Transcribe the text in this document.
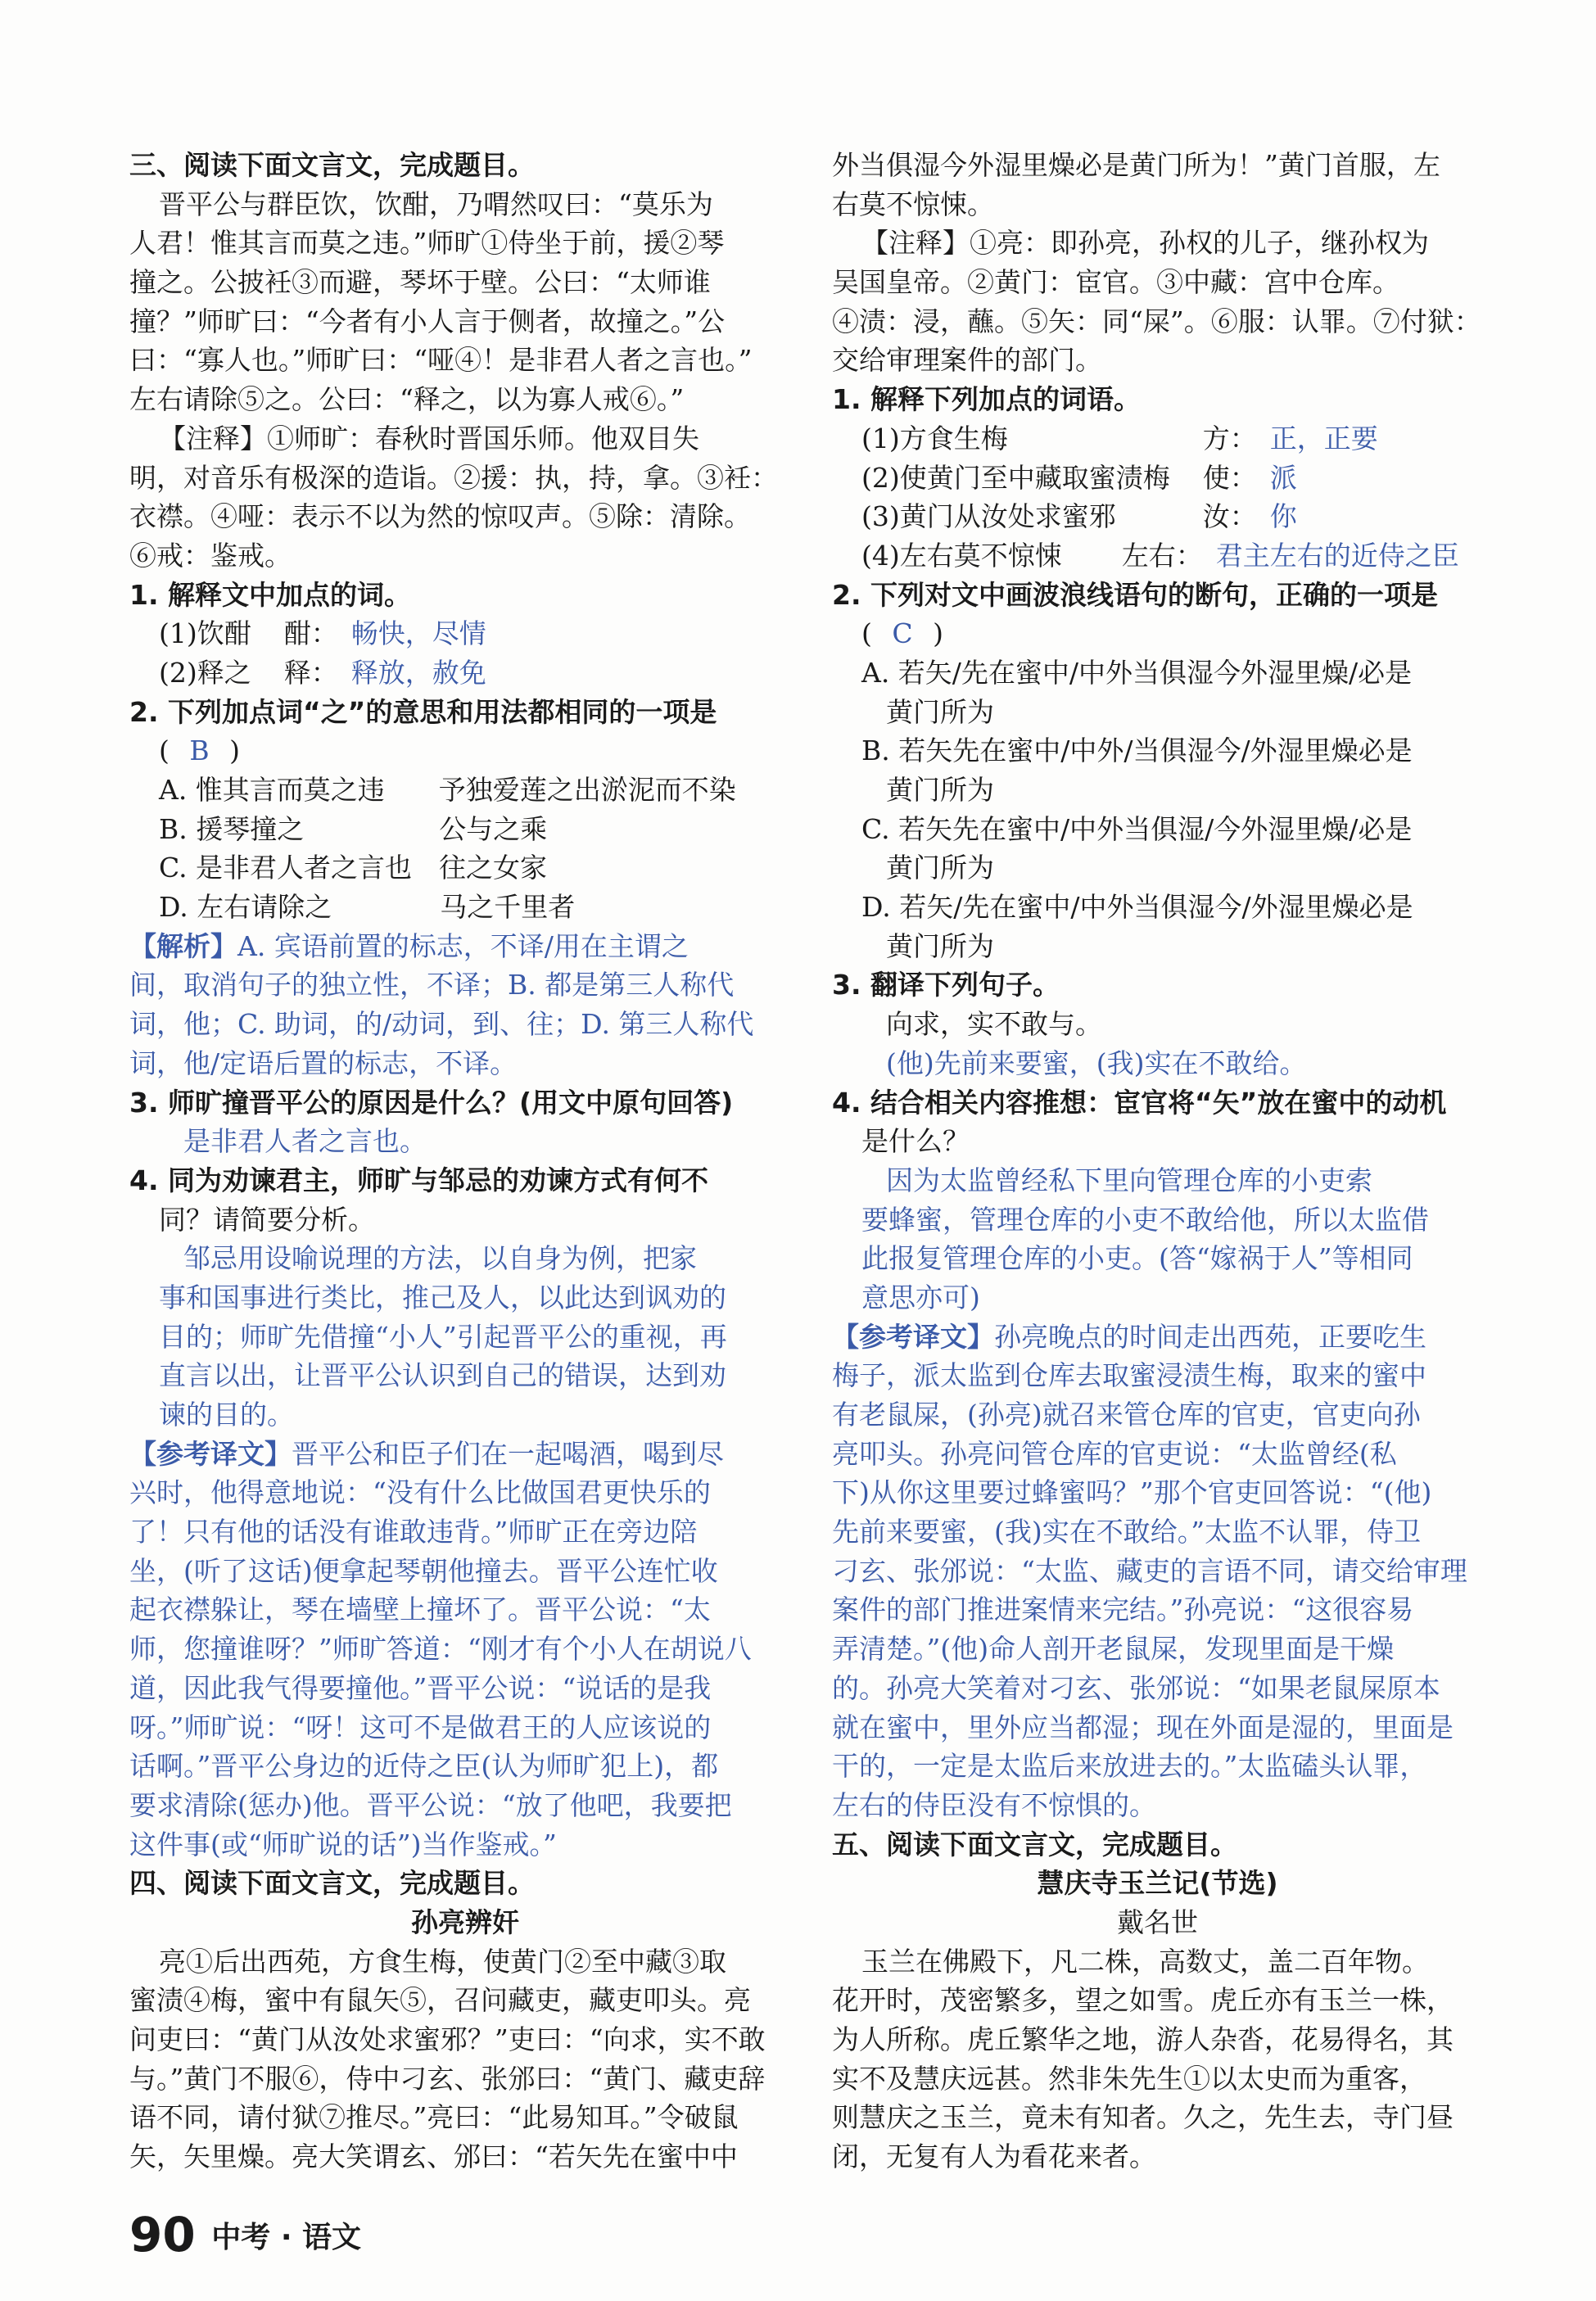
三、阅读下面文言文，完成题目。
晋平公与群臣饮，饮酣，乃喟然叹曰：“莫乐为
人君！惟其言而莫之违。”师旷①侍坐于前，援②琴
撞之。公披衽③而避，琴坏于壁。公曰：“太师谁
撞？”师旷曰：“今者有小人言于侧者，故撞之。”公
曰：“寡人也。”师旷曰：“哑④！是非君人者之言也。”
左右请除⑤之。公曰：“释之，以为寡人戒⑥。”
【注释】①师旷：春秋时晋国乐师。他双目失
明，对音乐有极深的造诣。②援：执，持，拿。③衽：
衣襟。④哑：表示不以为然的惊叹声。⑤除：清除。
⑥戒：鉴戒。
1. 解释文中加点的词。
(1)饮酣 酣： 畅快，尽情
(2)释之 释： 释放，赦免
2. 下列加点词“之”的意思和用法都相同的一项是
( B )
A. 惟其言而莫之违　　予独爱莲之出淤泥而不染
B. 援琴撞之　　　　　公与之乘
C. 是非君人者之言也　往之女家
D. 左右请除之　　　　马之千里者
【解析】A. 宾语前置的标志，不译/用在主谓之
间，取消句子的独立性，不译；B. 都是第三人称代
词，他；C. 助词，的/动词，到、往；D. 第三人称代
词，他/定语后置的标志，不译。
3. 师旷撞晋平公的原因是什么？(用文中原句回答)
是非君人者之言也。
4. 同为劝谏君主，师旷与邹忌的劝谏方式有何不
同？请简要分析。
邹忌用设喻说理的方法，以自身为例，把家
事和国事进行类比，推己及人，以此达到讽劝的
目的；师旷先借撞“小人”引起晋平公的重视，再
直言以出，让晋平公认识到自己的错误，达到劝
谏的目的。
【参考译文】晋平公和臣子们在一起喝酒，喝到尽
兴时，他得意地说：“没有什么比做国君更快乐的
了！只有他的话没有谁敢违背。”师旷正在旁边陪
坐，(听了这话)便拿起琴朝他撞去。晋平公连忙收
起衣襟躲让，琴在墙壁上撞坏了。晋平公说：“太
师，您撞谁呀？”师旷答道：“刚才有个小人在胡说八
道，因此我气得要撞他。”晋平公说：“说话的是我
呀。”师旷说：“呀！这可不是做君王的人应该说的
话啊。”晋平公身边的近侍之臣(认为师旷犯上)，都
要求清除(惩办)他。晋平公说：“放了他吧，我要把
这件事(或“师旷说的话”)当作鉴戒。”
四、阅读下面文言文，完成题目。
孙亮辨奸
亮①后出西苑，方食生梅，使黄门②至中藏③取
蜜渍④梅，蜜中有鼠矢⑤，召问藏吏，藏吏叩头。亮
问吏曰：“黄门从汝处求蜜邪？”吏曰：“向求，实不敢
与。”黄门不服⑥，侍中刁玄、张邠曰：“黄门、藏吏辞
语不同，请付狱⑦推尽。”亮曰：“此易知耳。”令破鼠
矢，矢里燥。亮大笑谓玄、邠曰：“若矢先在蜜中中
外当俱湿今外湿里燥必是黄门所为！”黄门首服，左
右莫不惊悚。
【注释】①亮：即孙亮，孙权的儿子，继孙权为
吴国皇帝。②黄门：宦官。③中藏：宫中仓库。
④渍：浸，蘸。⑤矢：同“屎”。⑥服：认罪。⑦付狱：
交给审理案件的部门。
1. 解释下列加点的词语。
(1)方食生梅　　　　　　方： 正，正要
(2)使黄门至中藏取蜜渍梅 使： 派
(3)黄门从汝处求蜜邪　　汝： 你
(4)左右莫不惊悚　左右： 君主左右的近侍之臣
2. 下列对文中画波浪线语句的断句，正确的一项是
( C )
A. 若矢/先在蜜中/中外当俱湿今外湿里燥/必是
黄门所为
B. 若矢先在蜜中/中外/当俱湿今/外湿里燥必是
黄门所为
C. 若矢先在蜜中/中外当俱湿/今外湿里燥/必是
黄门所为
D. 若矢/先在蜜中/中外当俱湿今/外湿里燥必是
黄门所为
3. 翻译下列句子。
向求，实不敢与。
(他)先前来要蜜，(我)实在不敢给。
4. 结合相关内容推想：宦官将“矢”放在蜜中的动机
是什么？
因为太监曾经私下里向管理仓库的小吏索
要蜂蜜，管理仓库的小吏不敢给他，所以太监借
此报复管理仓库的小吏。(答“嫁祸于人”等相同
意思亦可)
【参考译文】孙亮晚点的时间走出西苑，正要吃生
梅子，派太监到仓库去取蜜浸渍生梅，取来的蜜中
有老鼠屎，(孙亮)就召来管仓库的官吏，官吏向孙
亮叩头。孙亮问管仓库的官吏说：“太监曾经(私
下)从你这里要过蜂蜜吗？”那个官吏回答说：“(他)
先前来要蜜，(我)实在不敢给。”太监不认罪，侍卫
刁玄、张邠说：“太监、藏吏的言语不同，请交给审理
案件的部门推进案情来完结。”孙亮说：“这很容易
弄清楚。”(他)命人剖开老鼠屎，发现里面是干燥
的。孙亮大笑着对刁玄、张邠说：“如果老鼠屎原本
就在蜜中，里外应当都湿；现在外面是湿的，里面是
干的，一定是太监后来放进去的。”太监磕头认罪，
左右的侍臣没有不惊惧的。
五、阅读下面文言文，完成题目。
慧庆寺玉兰记(节选)
戴名世
玉兰在佛殿下，凡二株，高数丈，盖二百年物。
花开时，茂密繁多，望之如雪。虎丘亦有玉兰一株，
为人所称。虎丘繁华之地，游人杂沓，花易得名，其
实不及慧庆远甚。然非朱先生①以太史而为重客，
则慧庆之玉兰，竟未有知者。久之，先生去，寺门昼
闭，无复有人为看花来者。
90 中考 · 语文
